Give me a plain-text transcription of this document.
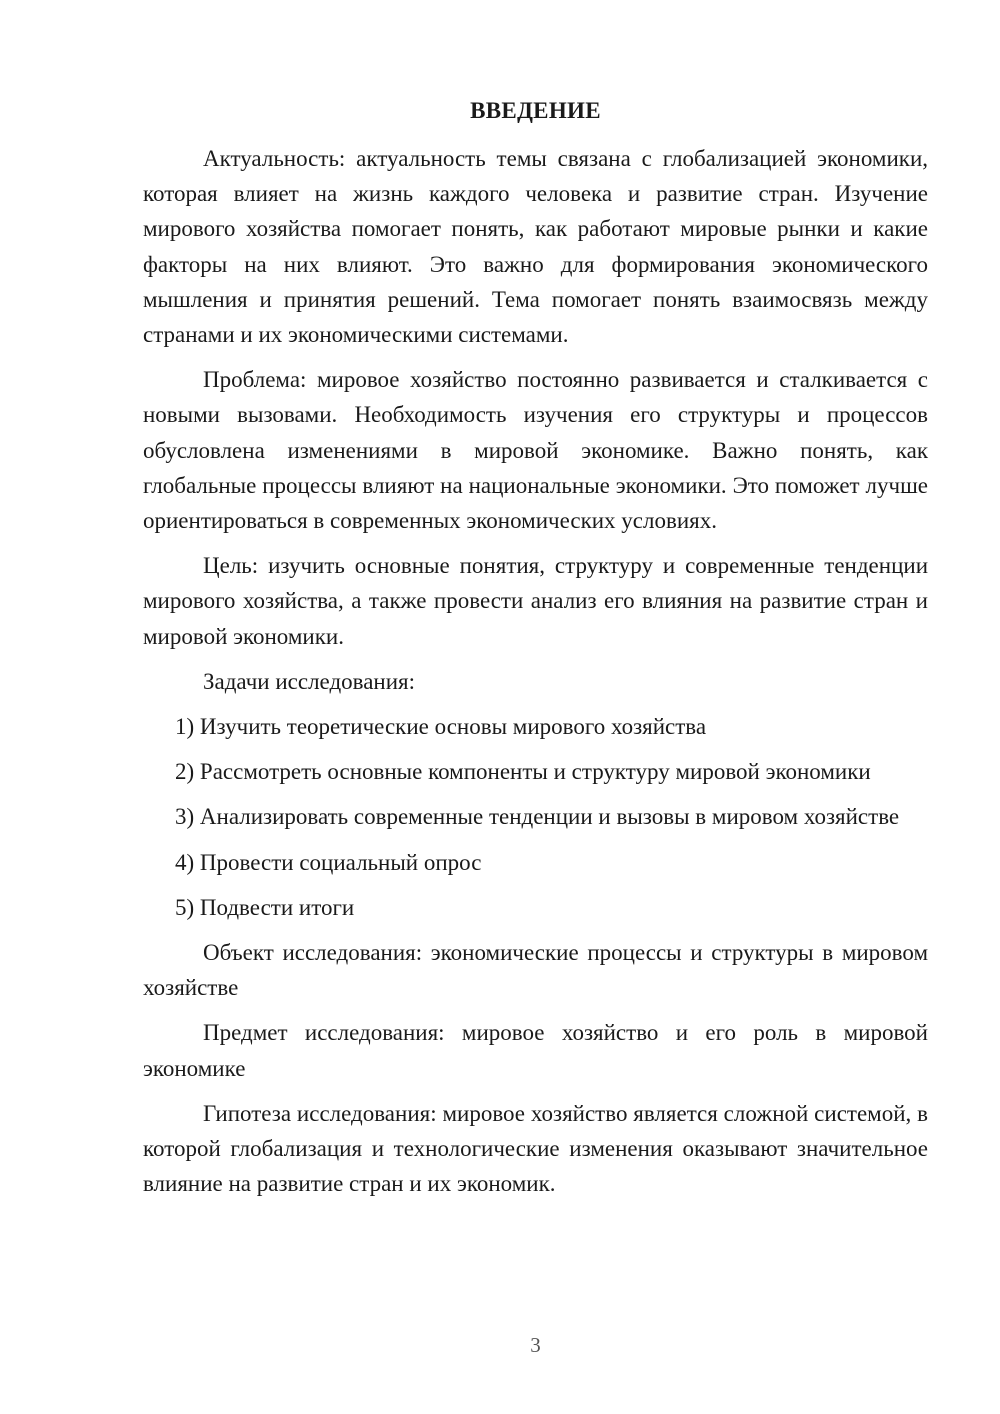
ВВЕДЕНИЕ

Актуальность: актуальность темы связана с глобализацией экономики, которая влияет на жизнь каждого человека и развитие стран. Изучение мирового хозяйства помогает понять, как работают мировые рынки и какие факторы на них влияют. Это важно для формирования экономического мышления и принятия решений. Тема помогает понять взаимосвязь между странами и их экономическими системами.

Проблема: мировое хозяйство постоянно развивается и сталкивается с новыми вызовами. Необходимость изучения его структуры и процессов обусловлена изменениями в мировой экономике. Важно понять, как глобальные процессы влияют на национальные экономики. Это поможет лучше ориентироваться в современных экономических условиях.

Цель: изучить основные понятия, структуру и современные тенденции мирового хозяйства, а также провести анализ его влияния на развитие стран и мировой экономики.

Задачи исследования:

1) Изучить теоретические основы мирового хозяйства

2) Рассмотреть основные компоненты и структуру мировой экономики

3) Анализировать современные тенденции и вызовы в мировом хозяйстве

4) Провести социальный опрос

5) Подвести итоги

Объект исследования: экономические процессы и структуры в мировом хозяйстве

Предмет исследования: мировое хозяйство и его роль в мировой экономике

Гипотеза исследования: мировое хозяйство является сложной системой, в которой глобализация и технологические изменения оказывают значительное влияние на развитие стран и их экономик.

3
